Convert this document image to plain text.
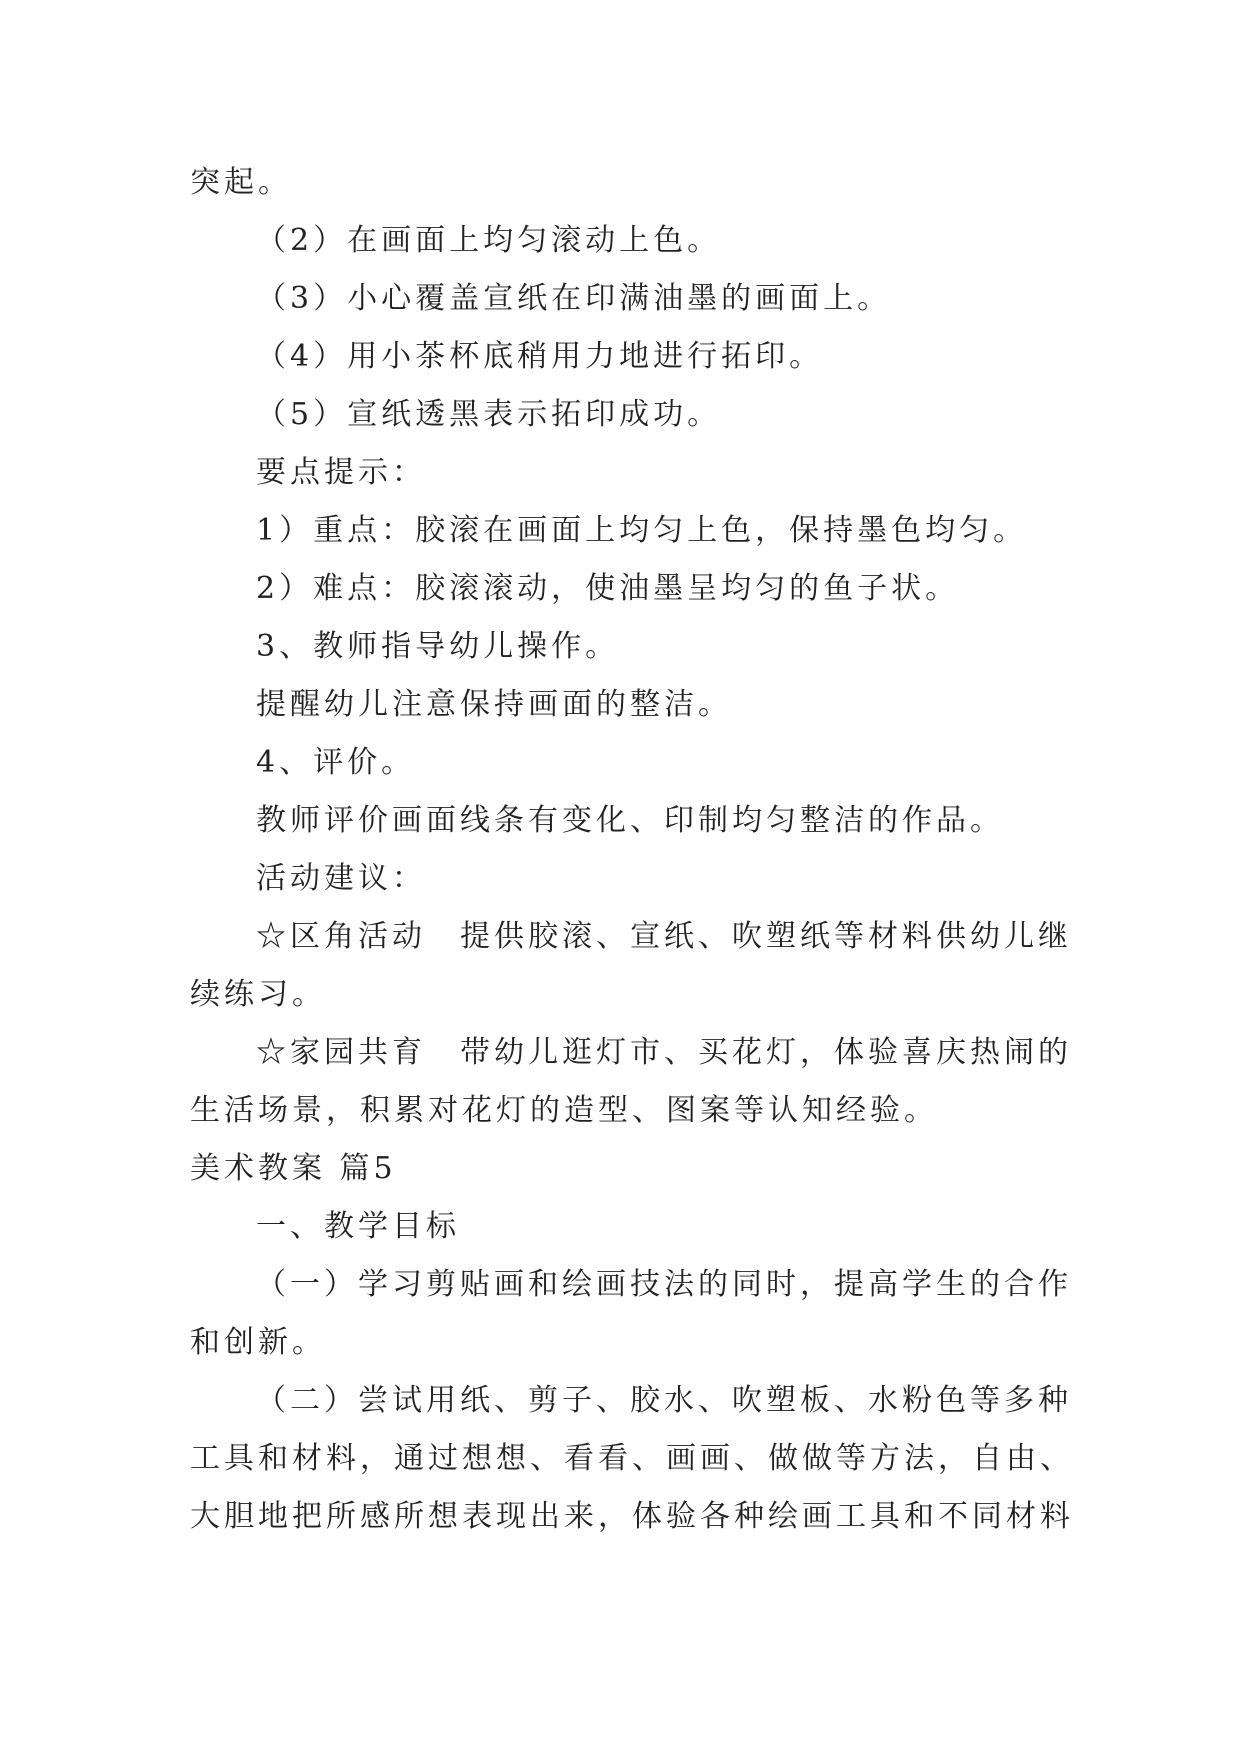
突起。
（2）在画面上均匀滚动上色。
（3）小心覆盖宣纸在印满油墨的画面上。
（4）用小茶杯底稍用力地进行拓印。
（5）宣纸透黑表示拓印成功。
要点提示：
1）重点：胶滚在画面上均匀上色，保持墨色均匀。
2）难点：胶滚滚动，使油墨呈均匀的鱼子状。
3、教师指导幼儿操作。
提醒幼儿注意保持画面的整洁。
4、评价。
教师评价画面线条有变化、印制均匀整洁的作品。
活动建议：
☆区角活动　提供胶滚、宣纸、吹塑纸等材料供幼儿继
续练习。
☆家园共育　带幼儿逛灯市、买花灯，体验喜庆热闹的
生活场景，积累对花灯的造型、图案等认知经验。
美术教案 篇5
一、教学目标
（一）学习剪贴画和绘画技法的同时，提高学生的合作
和创新。
（二）尝试用纸、剪子、胶水、吹塑板、水粉色等多种
工具和材料，通过想想、看看、画画、做做等方法，自由、
大胆地把所感所想表现出来，体验各种绘画工具和不同材料
